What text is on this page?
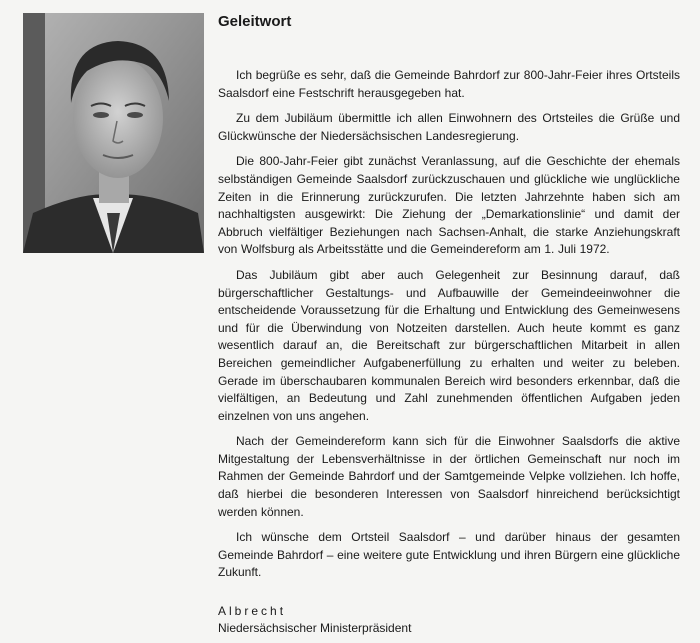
Geleitwort

Ich begrüße es sehr, daß die Gemeinde Bahrdorf zur 800-Jahr-Feier ihres Ortsteils Saalsdorf eine Festschrift herausgegeben hat.

Zu dem Jubiläum übermittle ich allen Einwohnern des Ortsteiles die Grüße und Glückwünsche der Niedersächsischen Landesregierung.

Die 800-Jahr-Feier gibt zunächst Veranlassung, auf die Geschichte der ehemals selbständigen Gemeinde Saalsdorf zurückzuschauen und glückliche wie unglückliche Zeiten in die Erinnerung zurückzurufen. Die letzten Jahrzehnte haben sich am nachhaltigsten ausgewirkt: Die Ziehung der „Demarkationslinie“ und damit der Abbruch vielfältiger Beziehungen nach Sachsen-Anhalt, die starke Anziehungskraft von Wolfsburg als Arbeitsstätte und die Gemeindereform am 1. Juli 1972.

Das Jubiläum gibt aber auch Gelegenheit zur Besinnung darauf, daß bürgerschaftlicher Gestaltungs- und Aufbauwille der Gemeindeeinwohner die entscheidende Voraussetzung für die Erhaltung und Entwicklung des Gemeinwesens und für die Überwindung von Notzeiten darstellen. Auch heute kommt es ganz wesentlich darauf an, die Bereitschaft zur bürgerschaftlichen Mitarbeit in allen Bereichen gemeindlicher Aufgabenerfüllung zu erhalten und weiter zu beleben. Gerade im überschaubaren kommunalen Bereich wird besonders erkennbar, daß die vielfältigen, an Bedeutung und Zahl zunehmenden öffentlichen Aufgaben jeden einzelnen von uns angehen.

Nach der Gemeindereform kann sich für die Einwohner Saalsdorfs die aktive Mitgestaltung der Lebensverhältnisse in der örtlichen Gemeinschaft nur noch im Rahmen der Gemeinde Bahrdorf und der Samtgemeinde Velpke vollziehen. Ich hoffe, daß hierbei die besonderen Interessen von Saalsdorf hinreichend berücksichtigt werden können.

Ich wünsche dem Ortsteil Saalsdorf – und darüber hinaus der gesamten Gemeinde Bahrdorf – eine weitere gute Entwicklung und ihren Bürgern eine glückliche Zukunft.

Albrecht
Niedersächsischer Ministerpräsident
